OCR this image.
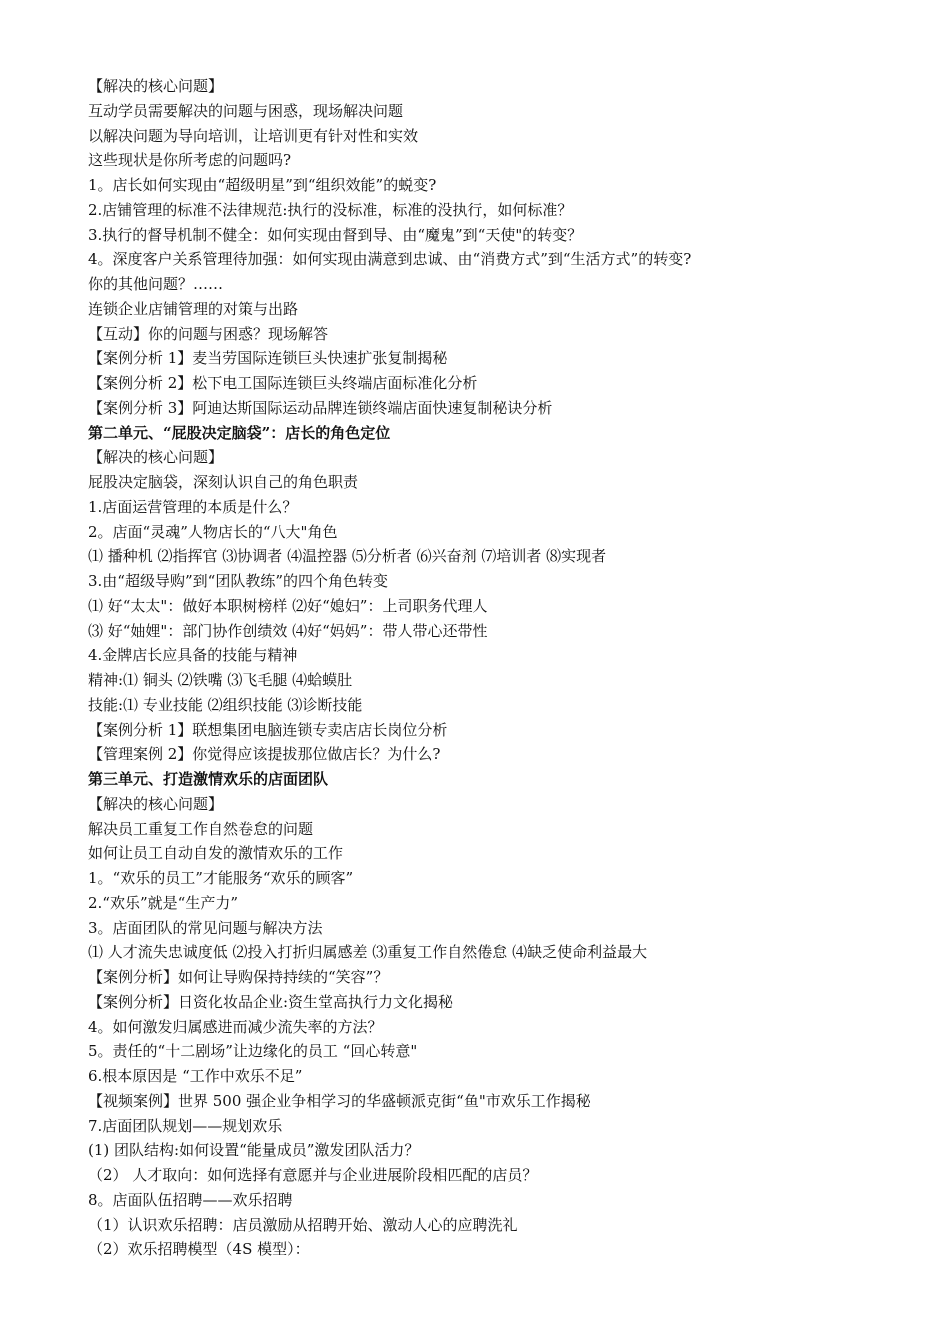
【解决的核心问题】
互动学员需要解决的问题与困惑，现场解决问题
以解决问题为导向培训，让培训更有针对性和实效
这些现状是你所考虑的问题吗?
1。店长如何实现由“超级明星”到“组织效能”的蜕变?
2.店铺管理的标准不法律规范:执行的没标准，标准的没执行，如何标准？
3.执行的督导机制不健全：如何实现由督到导、由“魔鬼”到“天使"的转变？
4。深度客户关系管理待加强：如何实现由满意到忠诚、由“消费方式”到“生活方式”的转变?
你的其他问题？……
连锁企业店铺管理的对策与出路
【互动】你的问题与困惑？现场解答
【案例分析 1】麦当劳国际连锁巨头快速扩张复制揭秘
【案例分析 2】松下电工国际连锁巨头终端店面标准化分析
【案例分析 3】阿迪达斯国际运动品牌连锁终端店面快速复制秘诀分析
第二单元、“屁股决定脑袋”：店长的角色定位
【解决的核心问题】
屁股决定脑袋，深刻认识自己的角色职责
1.店面运营管理的本质是什么？
2。店面“灵魂”人物店长的“八大"角色
⑴ 播种机 ⑵指挥官 ⑶协调者 ⑷温控器 ⑸分析者 ⑹兴奋剂 ⑺培训者 ⑻实现者
3.由“超级导购”到“团队教练”的四个角色转变
⑴ 好“太太"：做好本职树榜样 ⑵好“媳妇”：上司职务代理人
⑶ 好“妯娌"：部门协作创绩效 ⑷好“妈妈”：带人带心还带性
4.金牌店长应具备的技能与精神
精神:⑴ 铜头 ⑵铁嘴 ⑶飞毛腿 ⑷蛤蟆肚
技能:⑴ 专业技能 ⑵组织技能 ⑶诊断技能
【案例分析 1】联想集团电脑连锁专卖店店长岗位分析
【管理案例 2】你觉得应该提拔那位做店长？为什么?
第三单元、打造激情欢乐的店面团队
【解决的核心问题】
解决员工重复工作自然卷怠的问题
如何让员工自动自发的激情欢乐的工作
1。“欢乐的员工”才能服务“欢乐的顾客”
2.“欢乐”就是“生产力”
3。店面团队的常见问题与解决方法
⑴ 人才流失忠诚度低 ⑵投入打折归属感差 ⑶重复工作自然倦怠 ⑷缺乏使命利益最大
【案例分析】如何让导购保持持续的“笑容”？
【案例分析】日资化妆品企业:资生堂高执行力文化揭秘
4。如何激发归属感进而减少流失率的方法？
5。责任的“十二剧场”让边缘化的员工 “回心转意"
6.根本原因是 “工作中欢乐不足”
【视频案例】世界 500 强企业争相学习的华盛顿派克街“鱼"市欢乐工作揭秘
7.店面团队规划——规划欢乐
(1) 团队结构:如何设置“能量成员”激发团队活力？
（2） 人才取向：如何选择有意愿并与企业进展阶段相匹配的店员？
8。店面队伍招聘——欢乐招聘
（1）认识欢乐招聘：店员激励从招聘开始、激动人心的应聘洗礼
（2）欢乐招聘模型（4S 模型）：
